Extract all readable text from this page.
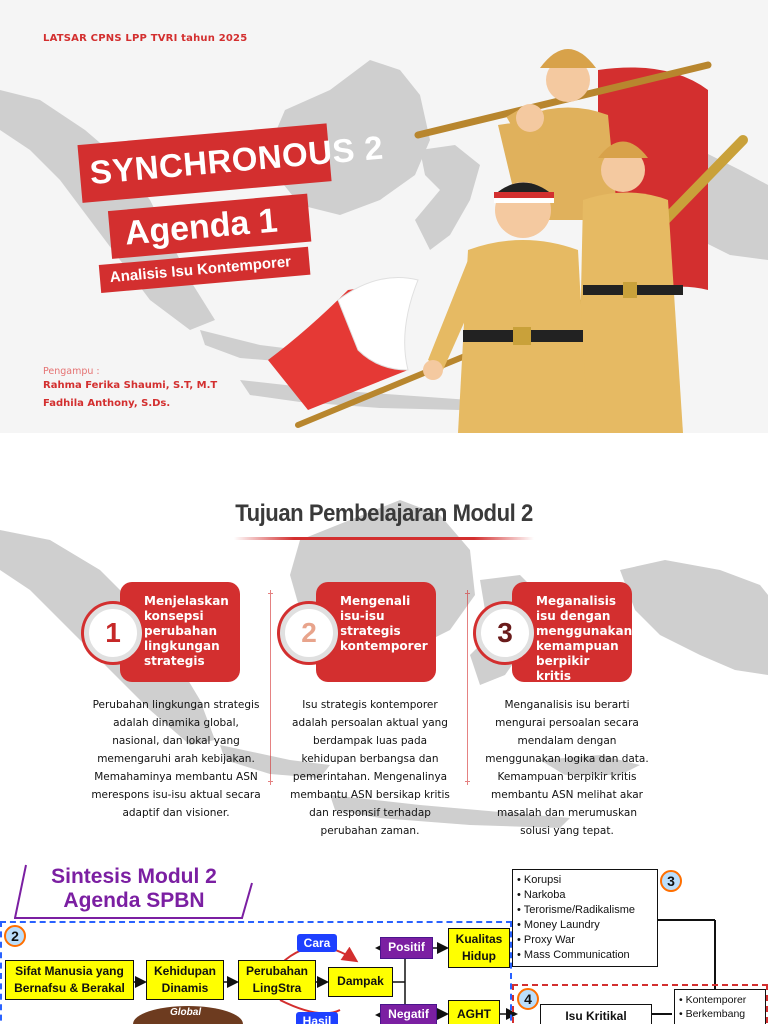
LATSAR CPNS LPP TVRI tahun 2025
SYNCHRONOUS 2
Agenda 1
Analisis Isu Kontemporer
Pengampu :
Rahma Ferika Shaumi, S.T, M.T
Fadhila Anthony, S.Ds.
Tujuan Pembelajaran Modul 2
Menjelaskan konsepsi perubahan lingkungan strategis
1
Perubahan lingkungan strategis adalah dinamika global, nasional, dan lokal yang memengaruhi arah kebijakan. Memahaminya membantu ASN merespons isu-isu aktual secara adaptif dan visioner.
Mengenali isu-isu strategis kontemporer
2
Isu strategis kontemporer adalah persoalan aktual yang berdampak luas pada kehidupan berbangsa dan pemerintahan. Mengenalinya membantu ASN bersikap kritis dan responsif terhadap perubahan zaman.
Meganalisis isu dengan menggunakan kemampuan berpikir kritis
3
Menganalisis isu berarti mengurai persoalan secara mendalam dengan menggunakan logika dan data. Kemampuan berpikir kritis membantu ASN melihat akar masalah dan merumuskan solusi yang tepat.
Sintesis Modul 2
Agenda SPBN
2
3
4
Sifat Manusia yang Bernafsu & Berakal
Kehidupan Dinamis
Perubahan LingStra	Dampak
Cara
Hasil
Positif
Negatif
Kualitas Hidup
AGHT
Global
• Korupsi
• Narkoba
• Terorisme/Radikalisme
• Money Laundry
• Proxy War
• Mass Communication
Isu Kritikal
• Kontemporer
• Berkembang
